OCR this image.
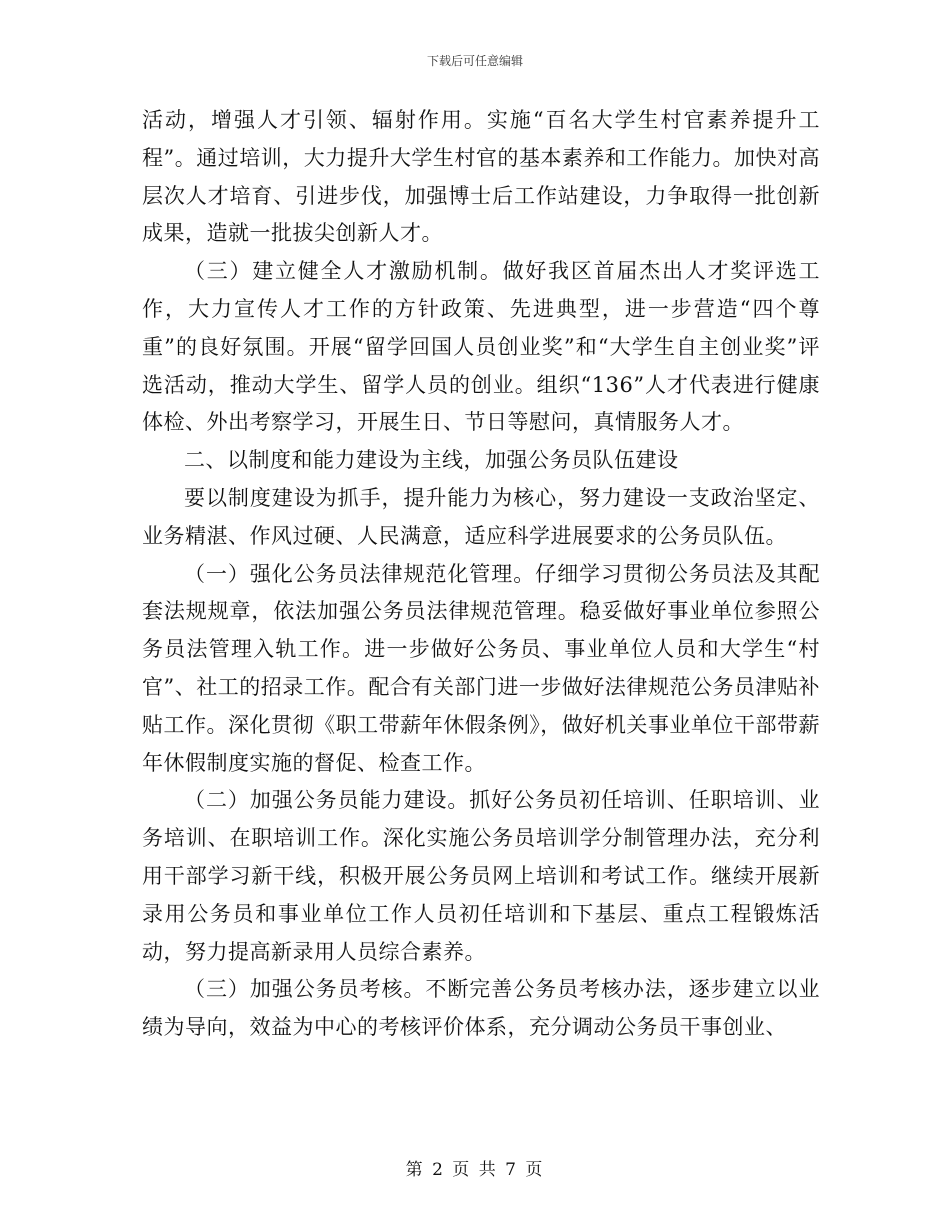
下载后可任意编辑

活动，增强人才引领、辐射作用。实施“百名大学生村官素养提升工程”。通过培训，大力提升大学生村官的基本素养和工作能力。加快对高层次人才培育、引进步伐，加强博士后工作站建设，力争取得一批创新成果，造就一批拔尖创新人才。

（三）建立健全人才激励机制。做好我区首届杰出人才奖评选工作，大力宣传人才工作的方针政策、先进典型，进一步营造“四个尊重”的良好氛围。开展“留学回国人员创业奖”和“大学生自主创业奖”评选活动，推动大学生、留学人员的创业。组织“136”人才代表进行健康体检、外出考察学习，开展生日、节日等慰问，真情服务人才。

二、以制度和能力建设为主线，加强公务员队伍建设

要以制度建设为抓手，提升能力为核心，努力建设一支政治坚定、业务精湛、作风过硬、人民满意，适应科学进展要求的公务员队伍。

（一）强化公务员法律规范化管理。仔细学习贯彻公务员法及其配套法规规章，依法加强公务员法律规范管理。稳妥做好事业单位参照公务员法管理入轨工作。进一步做好公务员、事业单位人员和大学生“村官”、社工的招录工作。配合有关部门进一步做好法律规范公务员津贴补贴工作。深化贯彻《职工带薪年休假条例》，做好机关事业单位干部带薪年休假制度实施的督促、检查工作。

（二）加强公务员能力建设。抓好公务员初任培训、任职培训、业务培训、在职培训工作。深化实施公务员培训学分制管理办法，充分利用干部学习新干线，积极开展公务员网上培训和考试工作。继续开展新录用公务员和事业单位工作人员初任培训和下基层、重点工程锻炼活动，努力提高新录用人员综合素养。

（三）加强公务员考核。不断完善公务员考核办法，逐步建立以业绩为导向，效益为中心的考核评价体系，充分调动公务员干事创业、

第 2 页 共 7 页
